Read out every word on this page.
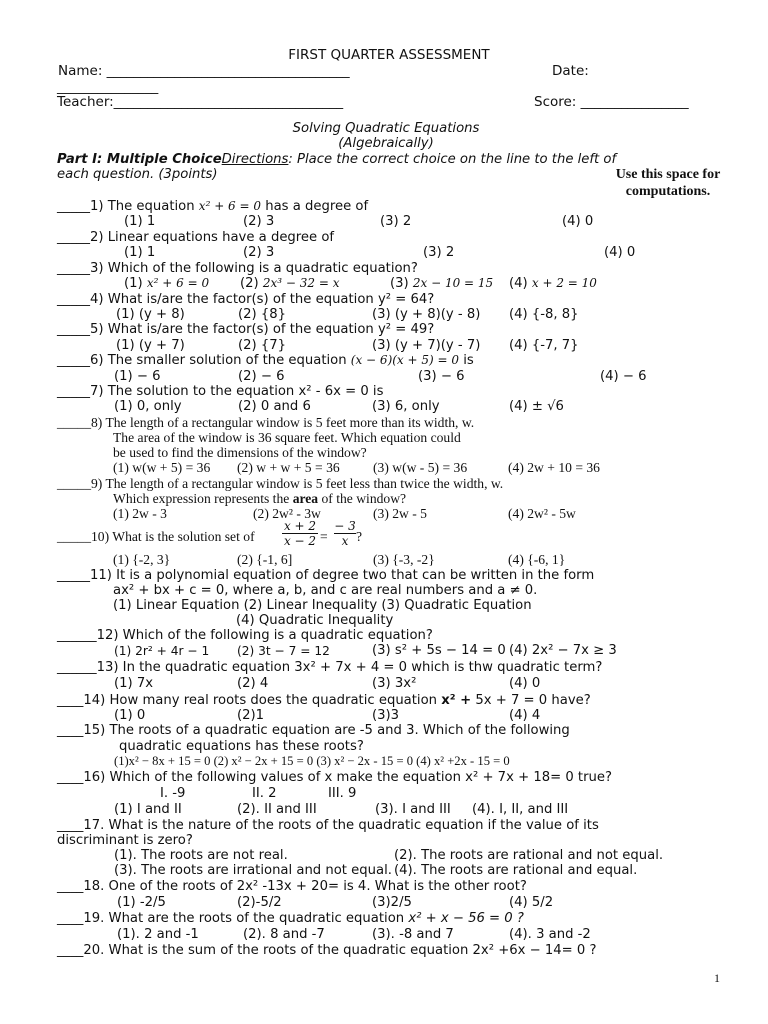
FIRST QUARTER ASSESSMENT
Name: ____________________________________	Date:
_______________
Teacher:__________________________________	Score: ________________
Solving Quadratic Equations
(Algebraically)
Part I: Multiple ChoiceDirections: Place the correct choice on the line to the left of
each question. (3points)	Use this space for
computations.
_____1) The equation x² + 6 = 0 has a degree of
(1) 1	(2) 3	(3) 2	(4) 0
_____2) Linear equations have a degree of
(1) 1	(2) 3	(3) 2	(4) 0
_____3) Which of the following is a quadratic equation?
(1) x² + 6 = 0 (2) 2x³ − 32 = x	(3) 2x − 10 = 15 (4) x + 2 = 10
_____4) What is/are the factor(s) of the equation y² = 64?
(1) (y + 8)	(2) {8}	(3) (y + 8)(y - 8) (4) {-8, 8}
_____5) What is/are the factor(s) of the equation y² = 49?
(1) (y + 7)	(2) {7}	(3) (y + 7)(y - 7) (4) {-7, 7}
_____6) The smaller solution of the equation (x − 6)(x + 5) = 0 is
(1) − 6	(2) − 6	(3) − 6	(4) − 6
_____7) The solution to the equation x² - 6x = 0 is
(1) 0, only	(2) 0 and 6	(3) 6, only	(4) ± √6
_____8) The length of a rectangular window is 5 feet more than its width, w.
The area of the window is 36 square feet. Which equation could
be used to find the dimensions of the window?
(1) w(w + 5) = 36 (2) w + w + 5 = 36 (3) w(w - 5) = 36	(4) 2w + 10 = 36
_____9) The length of a rectangular window is 5 feet less than twice the width, w.
Which expression represents the area of the window?
(1) 2w - 3	(2) 2w² - 3w	(3) 2w - 5	(4) 2w² - 5w
_____10) What is the solution set of
x + 2
x − 2 =
− 3
x ?
(1) {-2, 3}	(2) {-1, 6]	(3) {-3, -2}	(4) {-6, 1}
_____11) It is a polynomial equation of degree two that can be written in the form
ax² + bx + c = 0, where a, b, and c are real numbers and a ≠ 0.
(1) Linear Equation (2) Linear Inequality (3) Quadratic Equation
(4) Quadratic Inequality
______12) Which of the following is a quadratic equation?
(1) 2r² + 4r − 1 (2) 3t − 7 = 12	(3) s² + 5s − 14 = 0 (4) 2x² − 7x ≥ 3
______13) In the quadratic equation 3x² + 7x + 4 = 0 which is thw quadratic term?
(1) 7x	(2) 4	(3) 3x²	(4) 0
____14) How many real roots does the quadratic equation x² + 5x + 7 = 0 have?
(1) 0	(2)1	(3)3	(4) 4
____15) The roots of a quadratic equation are -5 and 3. Which of the following
quadratic equations has these roots?
(1)x² − 8x + 15 = 0 (2) x² − 2x + 15 = 0 (3) x² − 2x - 15 = 0 (4) x² +2x - 15 = 0
____16) Which of the following values of x make the equation x² + 7x + 18= 0 true?
I. -9	II. 2	III. 9
(1) I and II	(2). II and III	(3). I and III (4). I, II, and III
____17. What is the nature of the roots of the quadratic equation if the value of its
discriminant is zero?
(1). The roots are not real.	(2). The roots are rational and not equal.
(3). The roots are irrational and not equal. (4). The roots are rational and equal.
____18. One of the roots of 2x² -13x + 20= is 4. What is the other root?
(1) -2/5	(2)-5/2	(3)2/5	(4) 5/2
____19. What are the roots of the quadratic equation x² + x − 56 = 0 ?
(1). 2 and -1	(2). 8 and -7	(3). -8 and 7	(4). 3 and -2
____20. What is the sum of the roots of the quadratic equation 2x² +6x − 14= 0 ?
1
